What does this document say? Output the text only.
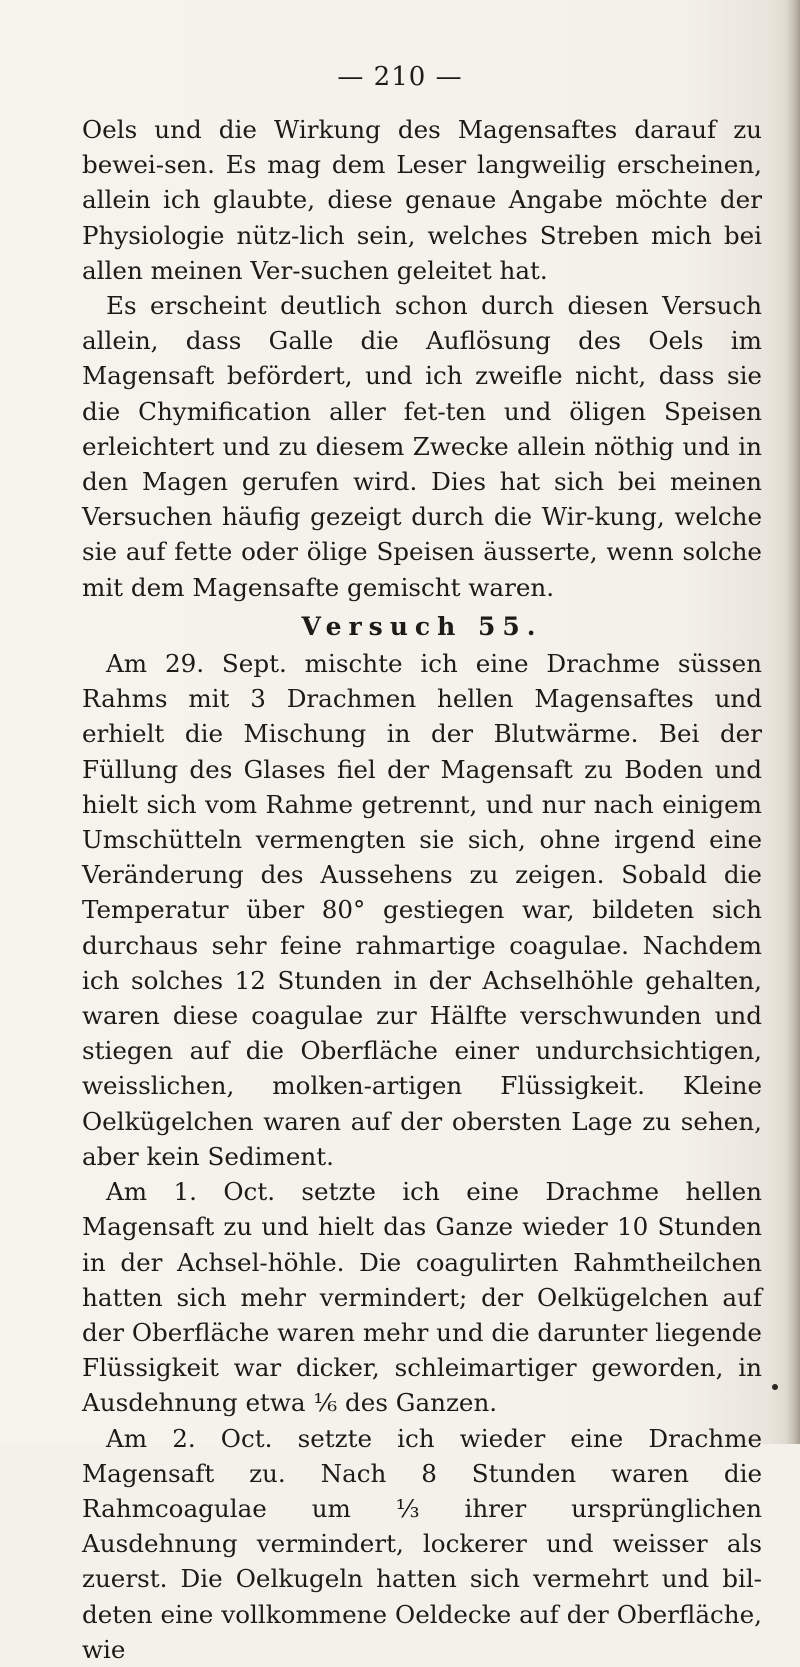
— 210 —

Oels und die Wirkung des Magensaftes darauf zu bewei-sen. Es mag dem Leser langweilig erscheinen, allein ich glaubte, diese genaue Angabe möchte der Physiologie nütz-lich sein, welches Streben mich bei allen meinen Ver-suchen geleitet hat.

Es erscheint deutlich schon durch diesen Versuch allein, dass Galle die Auflösung des Oels im Magensaft befördert, und ich zweifle nicht, dass sie die Chymification aller fet-ten und öligen Speisen erleichtert und zu diesem Zwecke allein nöthig und in den Magen gerufen wird. Dies hat sich bei meinen Versuchen häufig gezeigt durch die Wir-kung, welche sie auf fette oder ölige Speisen äusserte, wenn solche mit dem Magensafte gemischt waren.

Versuch 55.

Am 29. Sept. mischte ich eine Drachme süssen Rahms mit 3 Drachmen hellen Magensaftes und erhielt die Mischung in der Blutwärme. Bei der Füllung des Glases fiel der Magensaft zu Boden und hielt sich vom Rahme getrennt, und nur nach einigem Umschütteln vermengten sie sich, ohne irgend eine Veränderung des Aussehens zu zeigen. Sobald die Temperatur über 80° gestiegen war, bildeten sich durchaus sehr feine rahmartige coagulae. Nachdem ich solches 12 Stunden in der Achselhöhle gehalten, waren diese coagulae zur Hälfte verschwunden und stiegen auf die Oberfläche einer undurchsichtigen, weisslichen, molken-artigen Flüssigkeit. Kleine Oelkügelchen waren auf der obersten Lage zu sehen, aber kein Sediment.

Am 1. Oct. setzte ich eine Drachme hellen Magensaft zu und hielt das Ganze wieder 10 Stunden in der Achsel-höhle. Die coagulirten Rahmtheilchen hatten sich mehr vermindert; der Oelkügelchen auf der Oberfläche waren mehr und die darunter liegende Flüssigkeit war dicker, schleimartiger geworden, in Ausdehnung etwa ⅙ des Ganzen.

Am 2. Oct. setzte ich wieder eine Drachme Magensaft zu. Nach 8 Stunden waren die Rahmcoagulae um ⅓ ihrer ursprünglichen Ausdehnung vermindert, lockerer und weisser als zuerst. Die Oelkugeln hatten sich vermehrt und bil-deten eine vollkommene Oeldecke auf der Oberfläche, wie
